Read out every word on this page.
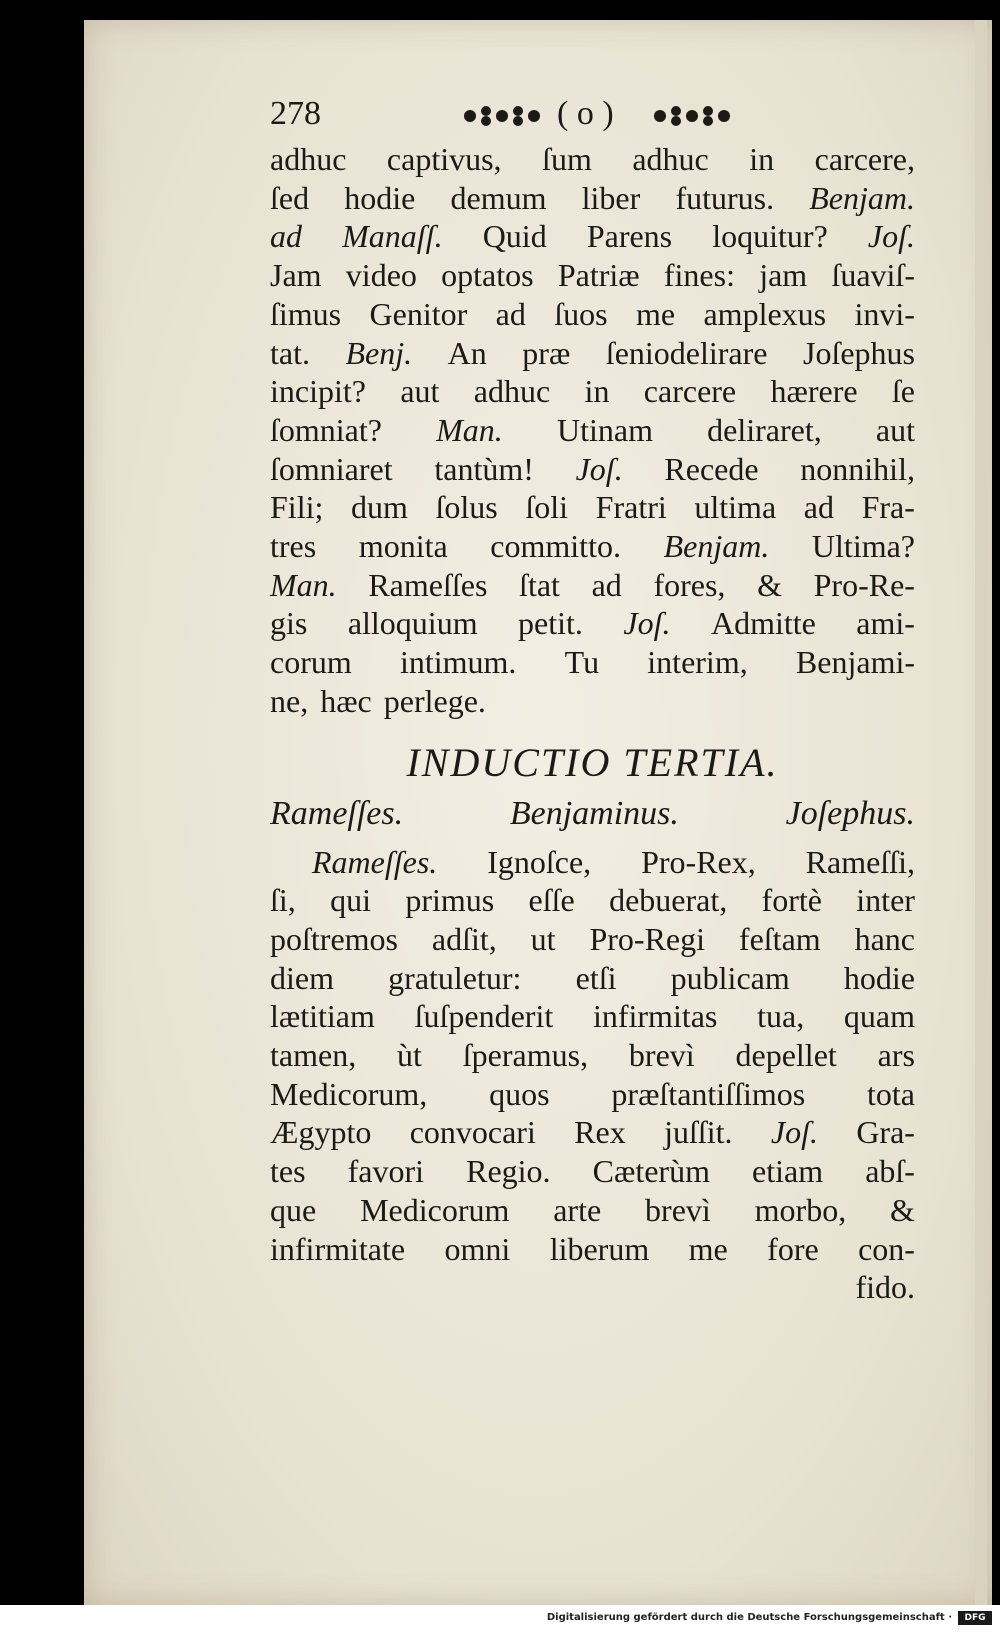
278	( o )
adhuc captivus, ſum adhuc in carcere,
ſed hodie demum liber futurus. Benjam.
ad Manaſſ. Quid Parens loquitur? Joſ.
Jam video optatos Patriæ fines: jam ſuaviſ-
ſimus Genitor ad ſuos me amplexus invi-
tat. Benj. An præ ſeniodelirare Joſephus
incipit? aut adhuc in carcere hærere ſe
ſomniat? Man. Utinam deliraret, aut
ſomniaret tantùm! Joſ. Recede nonnihil,
Fili; dum ſolus ſoli Fratri ultima ad Fra-
tres monita committo. Benjam. Ultima?
Man. Rameſſes ſtat ad fores, & Pro-Re-
gis alloquium petit. Joſ. Admitte ami-
corum intimum. Tu interim, Benjami-
ne, hæc perlege.
INDUCTIO TERTIA.
Rameſſes.	Benjaminus.	Joſephus.
Rameſſes. Ignoſce, Pro-Rex, Rameſſi,
ſi, qui primus eſſe debuerat, fortè inter
poſtremos adſit, ut Pro-Regi feſtam hanc
diem gratuletur: etſi publicam hodie
lætitiam ſuſpenderit infirmitas tua, quam
tamen, ùt ſperamus, brevì depellet ars
Medicorum, quos præſtantiſſimos tota
Ægypto convocari Rex juſſit. Joſ. Gra-
tes favori Regio. Cæterùm etiam abſ-
que Medicorum arte brevì morbo, &
infirmitate omni liberum me fore con-
fido.
Digitalisierung gefördert durch die Deutsche Forschungsgemeinschaft ·	DFG
